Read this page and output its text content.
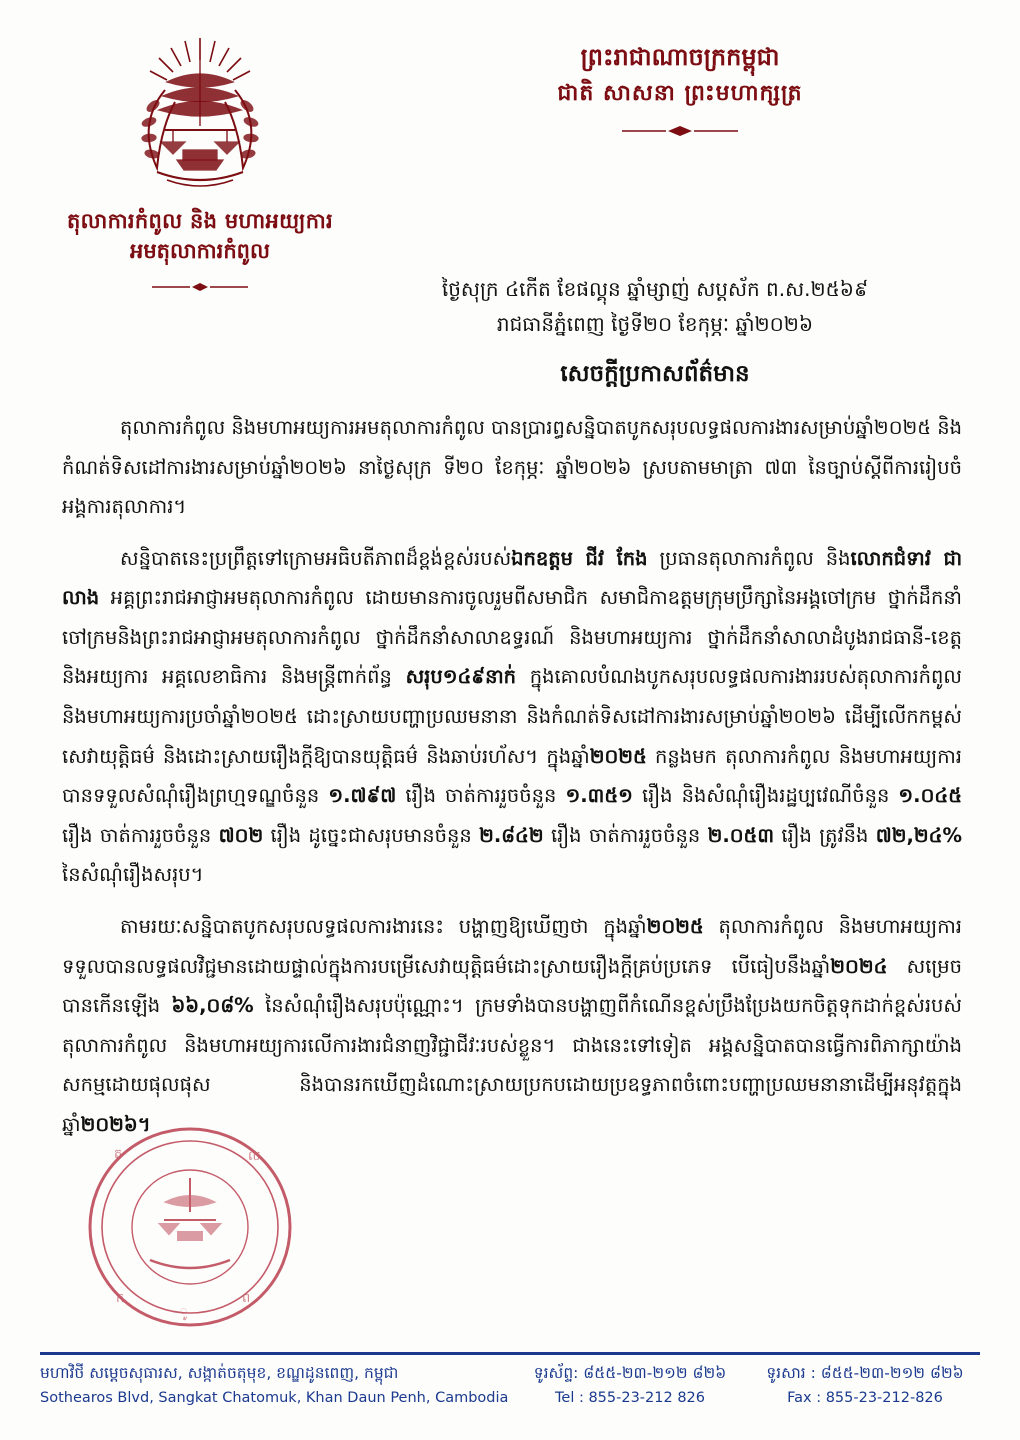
តុលាការកំពូល និង មហាអយ្យការ
អមតុលាការកំពូល
ព្រះរាជាណាចក្រកម្ពុជា
ជាតិ សាសនា ព្រះមហាក្សត្រ
ថ្ងៃសុក្រ ៤កើត ខែផល្គុន ឆ្នាំម្សាញ់ សប្តស័ក ព.ស.២៥៦៩
រាជធានីភ្នំពេញ ថ្ងៃទី២០ ខែកុម្ភៈ ឆ្នាំ២០២៦
សេចក្តីប្រកាសព័ត៌មាន

តុលាការកំពូល និងមហាអយ្យការអមតុលាការកំពូល បានប្រារព្ធសន្និបាតបូកសរុបលទ្ធផលការងារសម្រាប់ឆ្នាំ២០២៥ និងកំណត់ទិសដៅការងារសម្រាប់ឆ្នាំ២០២៦ នាថ្ងៃសុក្រ ទី២០ ខែកុម្ភៈ ឆ្នាំ២០២៦ ស្របតាមមាត្រា ៧៣ នៃច្បាប់ស្តីពីការរៀបចំអង្គការតុលាការ។

សន្និបាតនេះប្រព្រឹត្តទៅក្រោមអធិបតីភាពដ៏ខ្ពង់ខ្ពស់របស់ឯកឧត្តម ជីវ កែង ប្រធានតុលាការកំពូល និងលោកជំទាវ ជា លាង អគ្គព្រះរាជអាជ្ញាអមតុលាការកំពូល ដោយមានការចូលរួមពីសមាជិក សមាជិកាឧត្តមក្រុមប្រឹក្សានៃអង្គចៅក្រម ថ្នាក់ដឹកនាំ ចៅក្រមនិងព្រះរាជអាជ្ញាអមតុលាការកំពូល ថ្នាក់ដឹកនាំសាលាឧទ្ធរណ៍ និងមហាអយ្យការ ថ្នាក់ដឹកនាំសាលាដំបូងរាជធានី-ខេត្ត និងអយ្យការ អគ្គលេខាធិការ និងមន្ត្រីពាក់ព័ន្ធ សរុប១៤៩នាក់ ក្នុងគោលបំណងបូកសរុបលទ្ធផលការងាររបស់តុលាការកំពូល និងមហាអយ្យការប្រចាំឆ្នាំ២០២៥ ដោះស្រាយបញ្ហាប្រឈមនានា និងកំណត់ទិសដៅការងារសម្រាប់ឆ្នាំ២០២៦ ដើម្បីលើកកម្ពស់សេវាយុត្តិធម៌ និងដោះស្រាយរឿងក្តីឱ្យបានយុត្តិធម៌ និងឆាប់រហ័ស។ ក្នុងឆ្នាំ២០២៥ កន្លងមក តុលាការកំពូល និងមហាអយ្យការ បានទទួលសំណុំរឿងព្រហ្មទណ្ឌចំនួន ១.៧៩៧ រឿង ចាត់ការរួចចំនួន ១.៣៥១ រឿង និងសំណុំរឿងរដ្ឋប្បវេណីចំនួន ១.០៤៥ រឿង ចាត់ការរួចចំនួន ៧០២ រឿង ដូច្នេះជាសរុបមានចំនួន ២.៨៤២ រឿង ចាត់ការរួចចំនួន ២.០៥៣ រឿង ត្រូវនឹង ៧២,២៤% នៃសំណុំរឿងសរុប។

តាមរយៈសន្និបាតបូកសរុបលទ្ធផលការងារនេះ បង្ហាញឱ្យឃើញថា ក្នុងឆ្នាំ២០២៥ តុលាការកំពូល និងមហាអយ្យការ ទទួលបានលទ្ធផលវិជ្ជមានដោយផ្ទាល់ក្នុងការបម្រើសេវាយុត្តិធម៌ដោះស្រាយរឿងក្តីគ្រប់ប្រភេទ បើធៀបនឹងឆ្នាំ២០២៤ សម្រេចបានកើនឡើង ៦៦,០៨% នៃសំណុំរឿងសរុបប៉ុណ្ណោះ។ ក្រមទាំងបានបង្ហាញពីកំណើនខ្ពស់ប្រឹងប្រែងយកចិត្តទុកដាក់ខ្ពស់របស់តុលាការកំពូល និងមហាអយ្យការលើការងារជំនាញវិជ្ជាជីវៈរបស់ខ្លួន។ ជាងនេះទៅទៀត អង្គសន្និបាតបានធ្វើការពិភាក្សាយ៉ាងសកម្មដោយផុលផុស និងបានរកឃើញដំណោះស្រាយប្រកបដោយប្រឧទ្ធភាពចំពោះបញ្ហាប្រឈមនានាដើម្បីអនុវត្តក្នុងឆ្នាំ២០២៦។

ត	ល
ក	ព
ូ
មហាវិថី សម្តេចសុធារស, សង្កាត់ចតុមុខ, ខណ្ឌដូនពេញ, កម្ពុជា
Sothearos Blvd, Sangkat Chatomuk, Khan Daun Penh, Cambodia
ទូរស័ព្ទ: ៨៥៥-២៣-២១២ ៨២៦
Tel : 855-23-212 826
ទូរសារ : ៨៥៥-២៣-២១២ ៨២៦
Fax : 855-23-212-826
